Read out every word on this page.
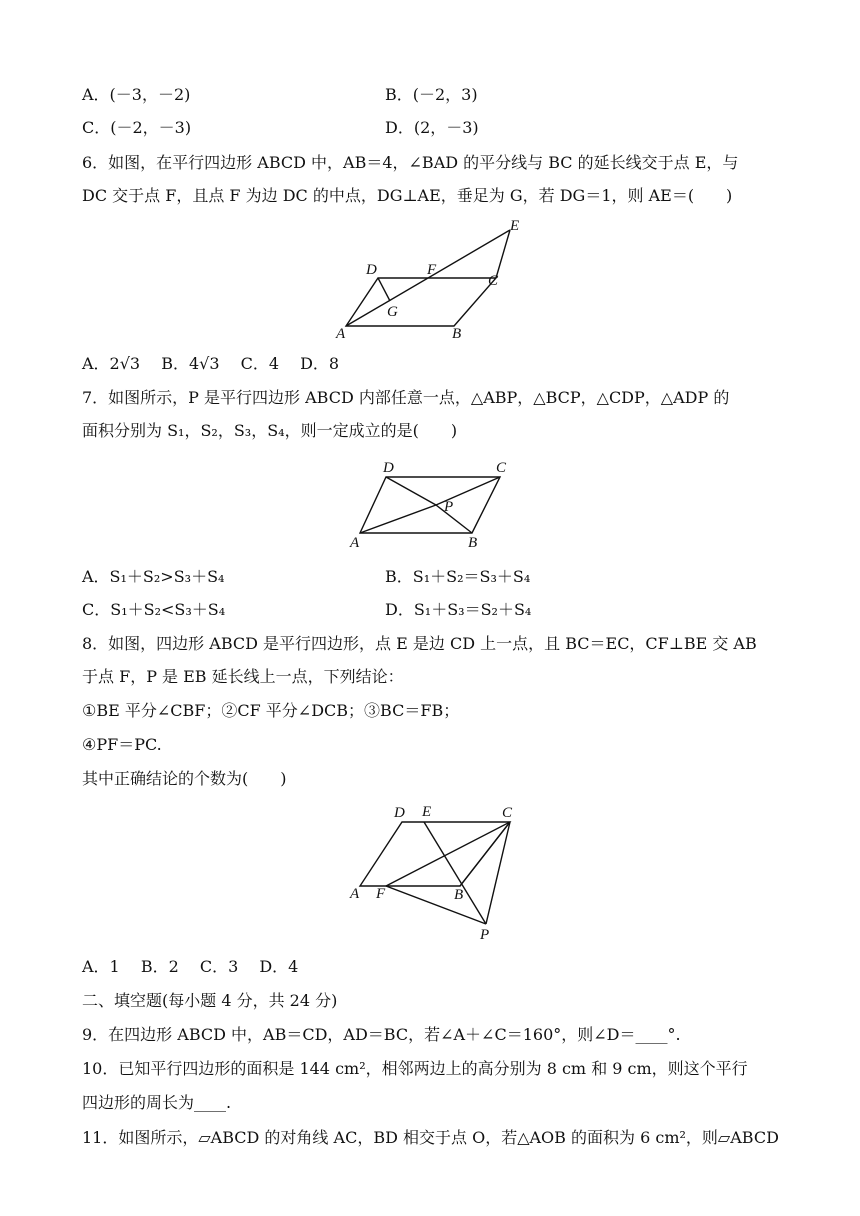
A．(－3，－2)	B．(－2，3)
C．(－2，－3)	D．(2，－3)
6．如图，在平行四边形 ABCD 中，AB＝4，∠BAD 的平分线与 BC 的延长线交于点 E，与
DC 交于点 F，且点 F 为边 DC 的中点，DG⊥AE，垂足为 G，若 DG＝1，则 AE＝(　　)
E
D	F
C
G
A	B
A．2√3　 B．4√3　 C．4　 D．8
7．如图所示，P 是平行四边形 ABCD 内部任意一点，△ABP，△BCP，△CDP，△ADP 的
面积分别为 S₁，S₂，S₃，S₄，则一定成立的是(　　)
D	C
P
A	B
A．S₁＋S₂>S₃＋S₄	B．S₁＋S₂＝S₃＋S₄
C．S₁＋S₂<S₃＋S₄	D．S₁＋S₃＝S₂＋S₄
8．如图，四边形 ABCD 是平行四边形，点 E 是边 CD 上一点，且 BC＝EC，CF⊥BE 交 AB
于点 F，P 是 EB 延长线上一点，下列结论：
①BE 平分∠CBF；②CF 平分∠DCB；③BC＝FB；
④PF＝PC.
其中正确结论的个数为(　　)
D E	C
A F	B
P
A．1　 B．2　 C．3　 D．4
二、填空题(每小题 4 分，共 24 分)
9．在四边形 ABCD 中，AB＝CD，AD＝BC，若∠A＋∠C＝160°，则∠D＝____°.
10．已知平行四边形的面积是 144 cm²，相邻两边上的高分别为 8 cm 和 9 cm，则这个平行
四边形的周长为____.
11．如图所示，▱ABCD 的对角线 AC，BD 相交于点 O，若△AOB 的面积为 6 cm²，则▱ABCD
